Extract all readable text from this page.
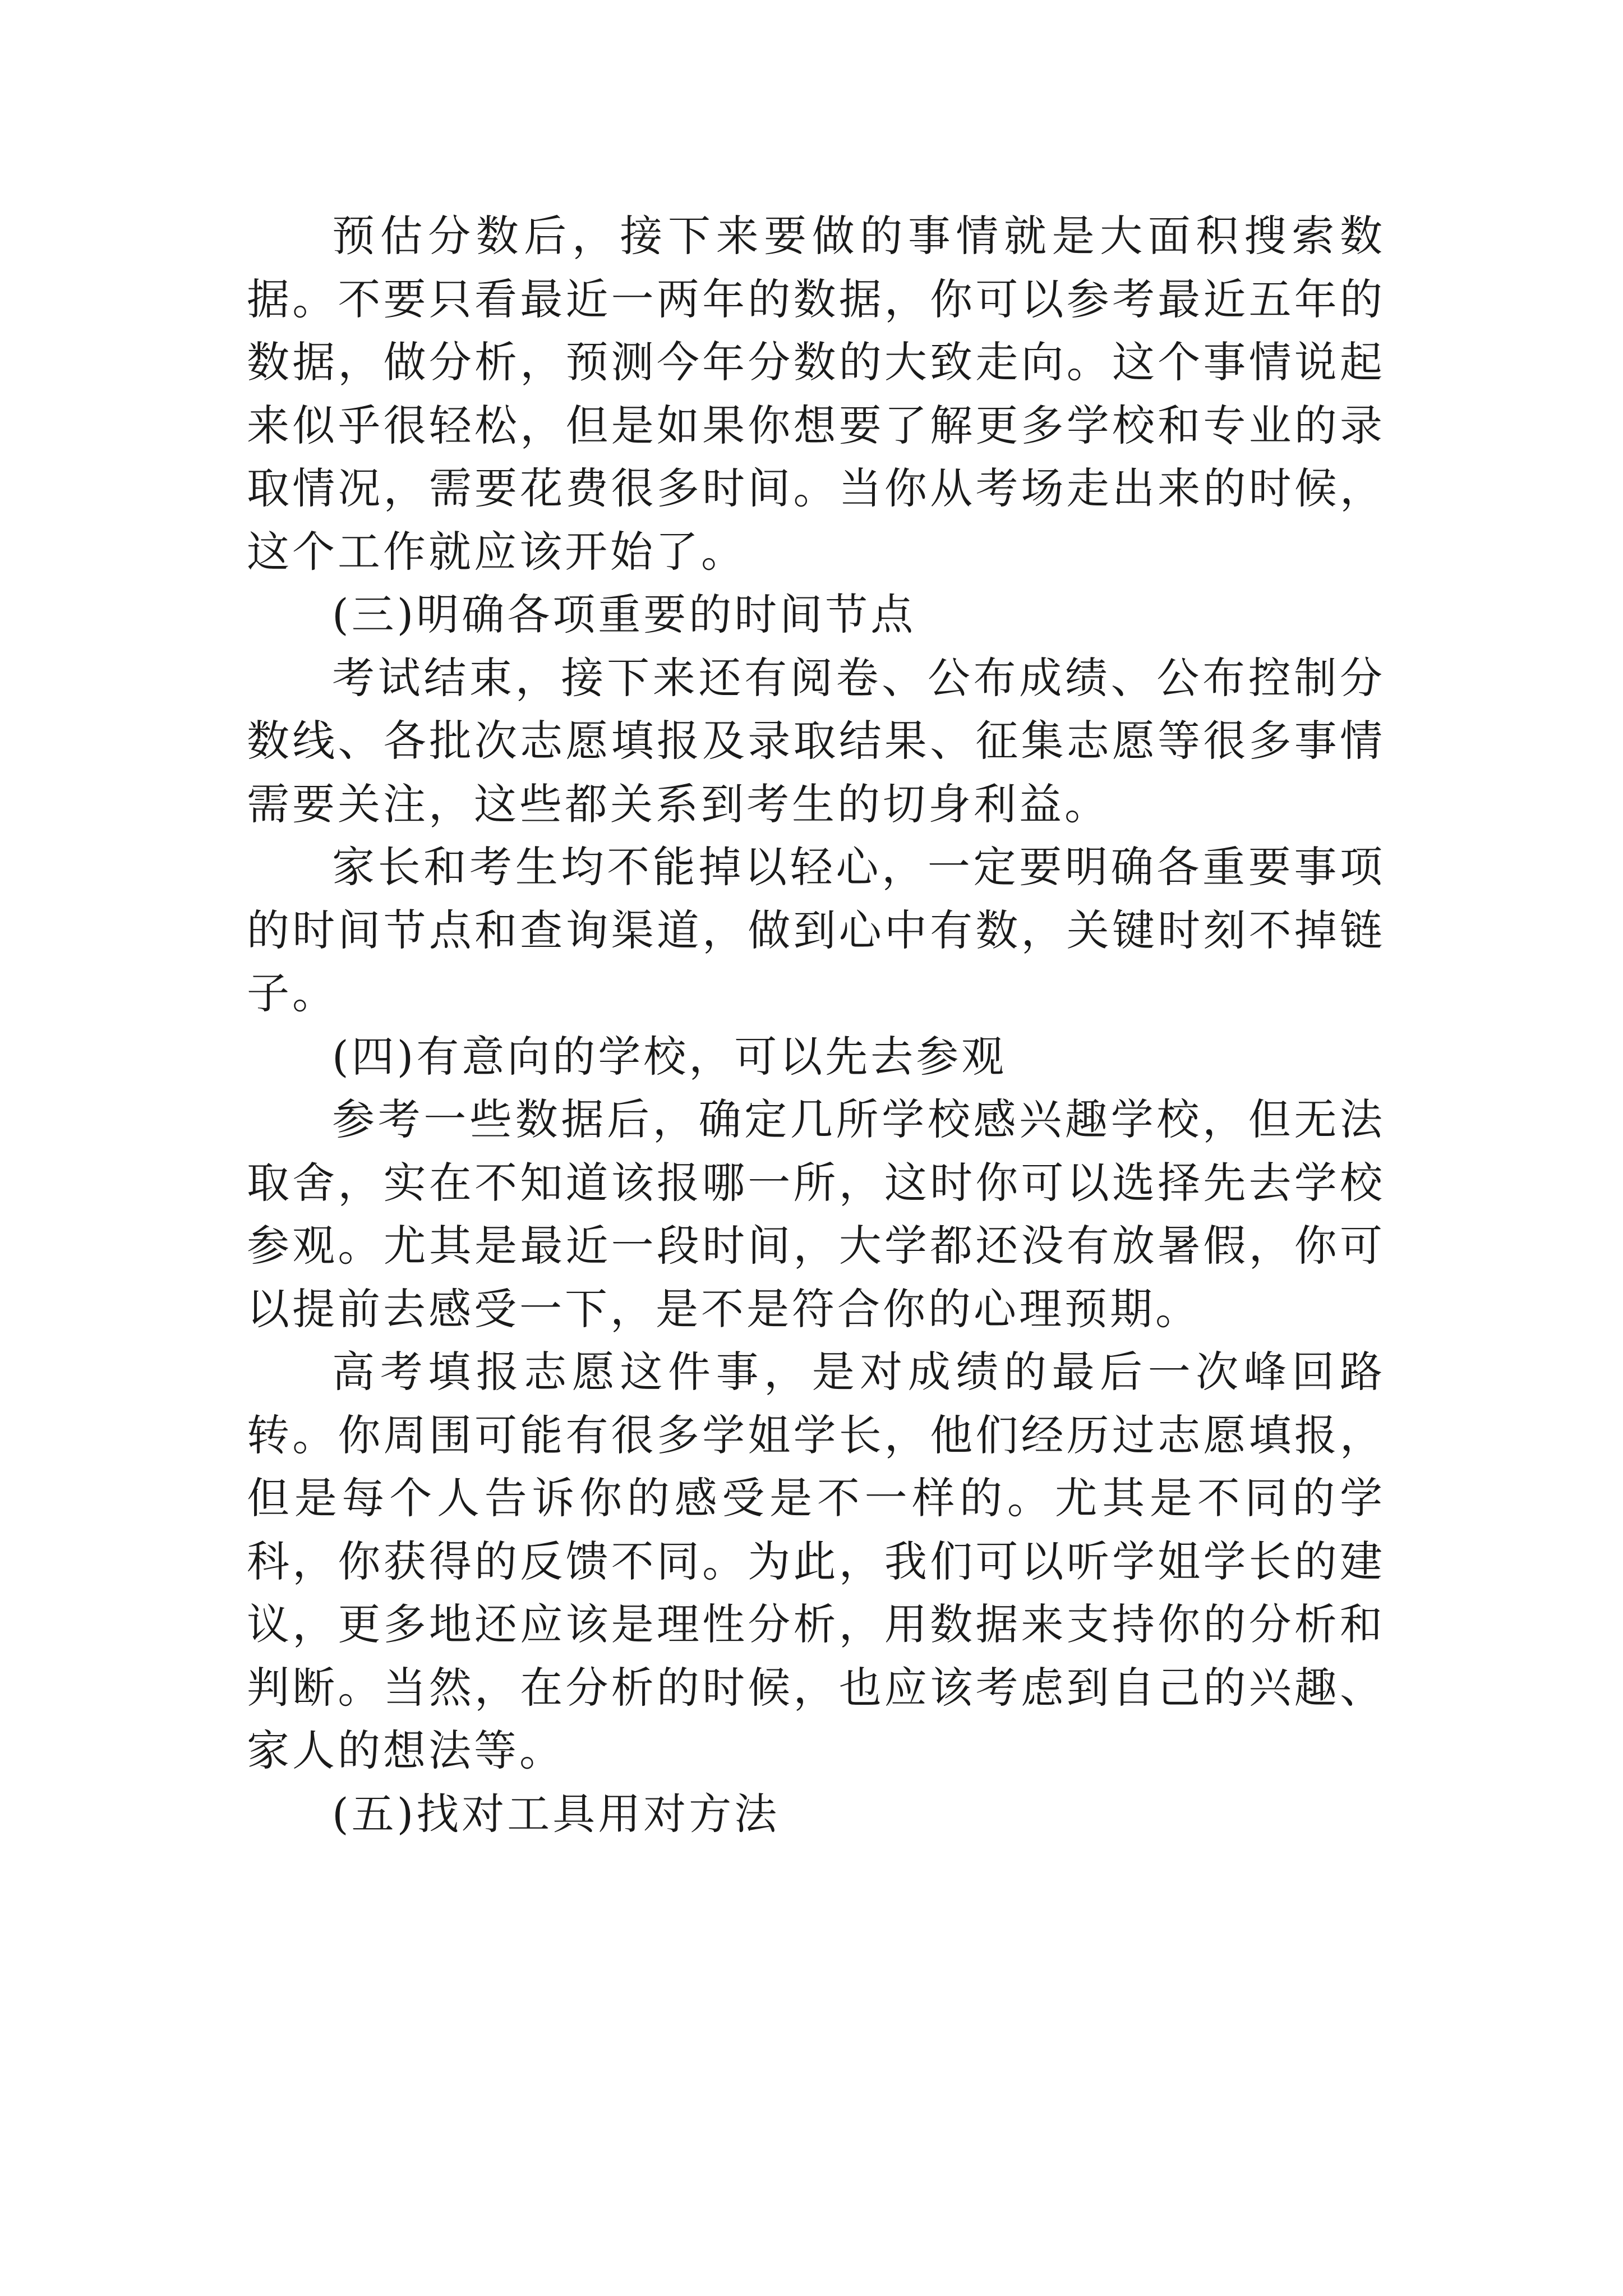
预估分数后，接下来要做的事情就是大面积搜索数据。不要只看最近一两年的数据，你可以参考最近五年的数据，做分析，预测今年分数的大致走向。这个事情说起来似乎很轻松，但是如果你想要了解更多学校和专业的录取情况，需要花费很多时间。当你从考场走出来的时候，这个工作就应该开始了。

(三)明确各项重要的时间节点

考试结束，接下来还有阅卷、公布成绩、公布控制分数线、各批次志愿填报及录取结果、征集志愿等很多事情需要关注，这些都关系到考生的切身利益。

家长和考生均不能掉以轻心，一定要明确各重要事项的时间节点和查询渠道，做到心中有数，关键时刻不掉链子。

(四)有意向的学校，可以先去参观

参考一些数据后，确定几所学校感兴趣学校，但无法取舍，实在不知道该报哪一所，这时你可以选择先去学校参观。尤其是最近一段时间，大学都还没有放暑假，你可以提前去感受一下，是不是符合你的心理预期。

高考填报志愿这件事，是对成绩的最后一次峰回路转。你周围可能有很多学姐学长，他们经历过志愿填报，但是每个人告诉你的感受是不一样的。尤其是不同的学科，你获得的反馈不同。为此，我们可以听学姐学长的建议，更多地还应该是理性分析，用数据来支持你的分析和判断。当然，在分析的时候，也应该考虑到自己的兴趣、家人的想法等。

(五)找对工具用对方法
